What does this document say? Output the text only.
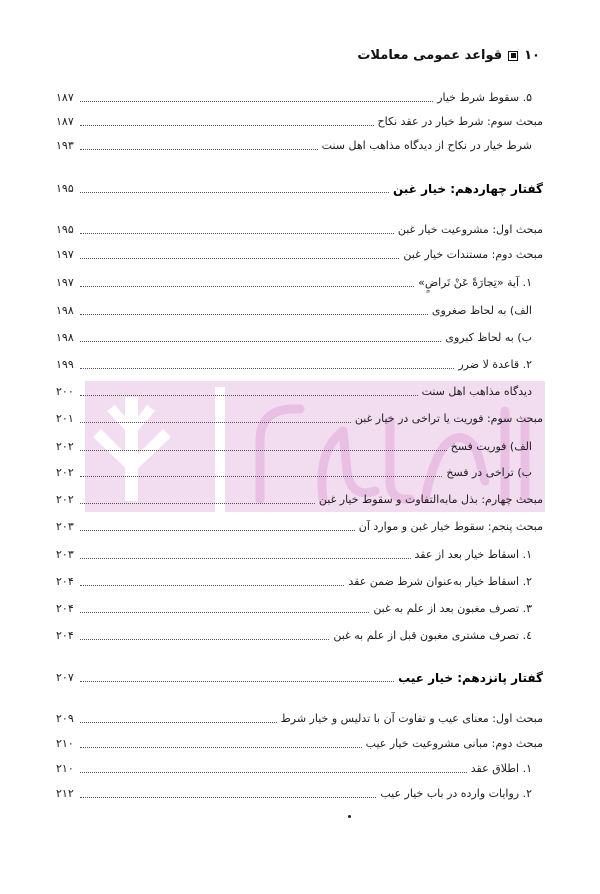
۱۰
قواعد عمومی معاملات
۵. سقوط شرط خیار
۱۸۷
مبحث سوم: شرط خیار در عقد نکاح
۱۸۷
شرط خیار در نکاح از دیدگاه مذاهب اهل سنت
۱۹۳
گفتار چهاردهم: خیار غبن
۱۹۵
مبحث اول: مشروعیت خیار غبن
۱۹۵
مبحث دوم: مستندات خیار غبن
۱۹۷
۱. آیة «تِجارَةً عَنْ تَراضٍ»
۱۹۷
الف) به لحاظ صغروی
۱۹۸
ب) به لحاظ کبروی
۱۹۸
۲. قاعدة لا ضرر
۱۹۹
دیدگاه مذاهب اهل سنت
۲۰۰
مبحث سوم: فوریت یا تراخی در خیار غبن
۲۰۱
الف) فوریت فسخ
۲۰۲
ب) تراخی در فسخ
۲۰۲
مبحث چهارم: بذل مابه‌التفاوت و سقوط خیار غبن
۲۰۲
مبحث پنجم: سقوط خیار غبن و موارد آن
۲۰۳
۱. اسقاط خیار بعد از عقد
۲۰۳
۲. اسقاط خیار به‌عنوان شرط ضمن عقد
۲۰۴
۳. تصرف مغبون بعد از علم به غبن
۲۰۴
٤. تصرف مشتری مغبون قبل از علم به غبن
۲۰۴
گفتار پانزدهم: خیار عیب
۲۰۷
مبحث اول: معنای عیب و تفاوت آن با تدلیس و خیار شرط
۲۰۹
مبحث دوم: مبانی مشروعیت خیار عیب
۲۱۰
۱. اطلاق عقد
۲۱۰
۲. روایات وارده در باب خیار عیب
۲۱۲
